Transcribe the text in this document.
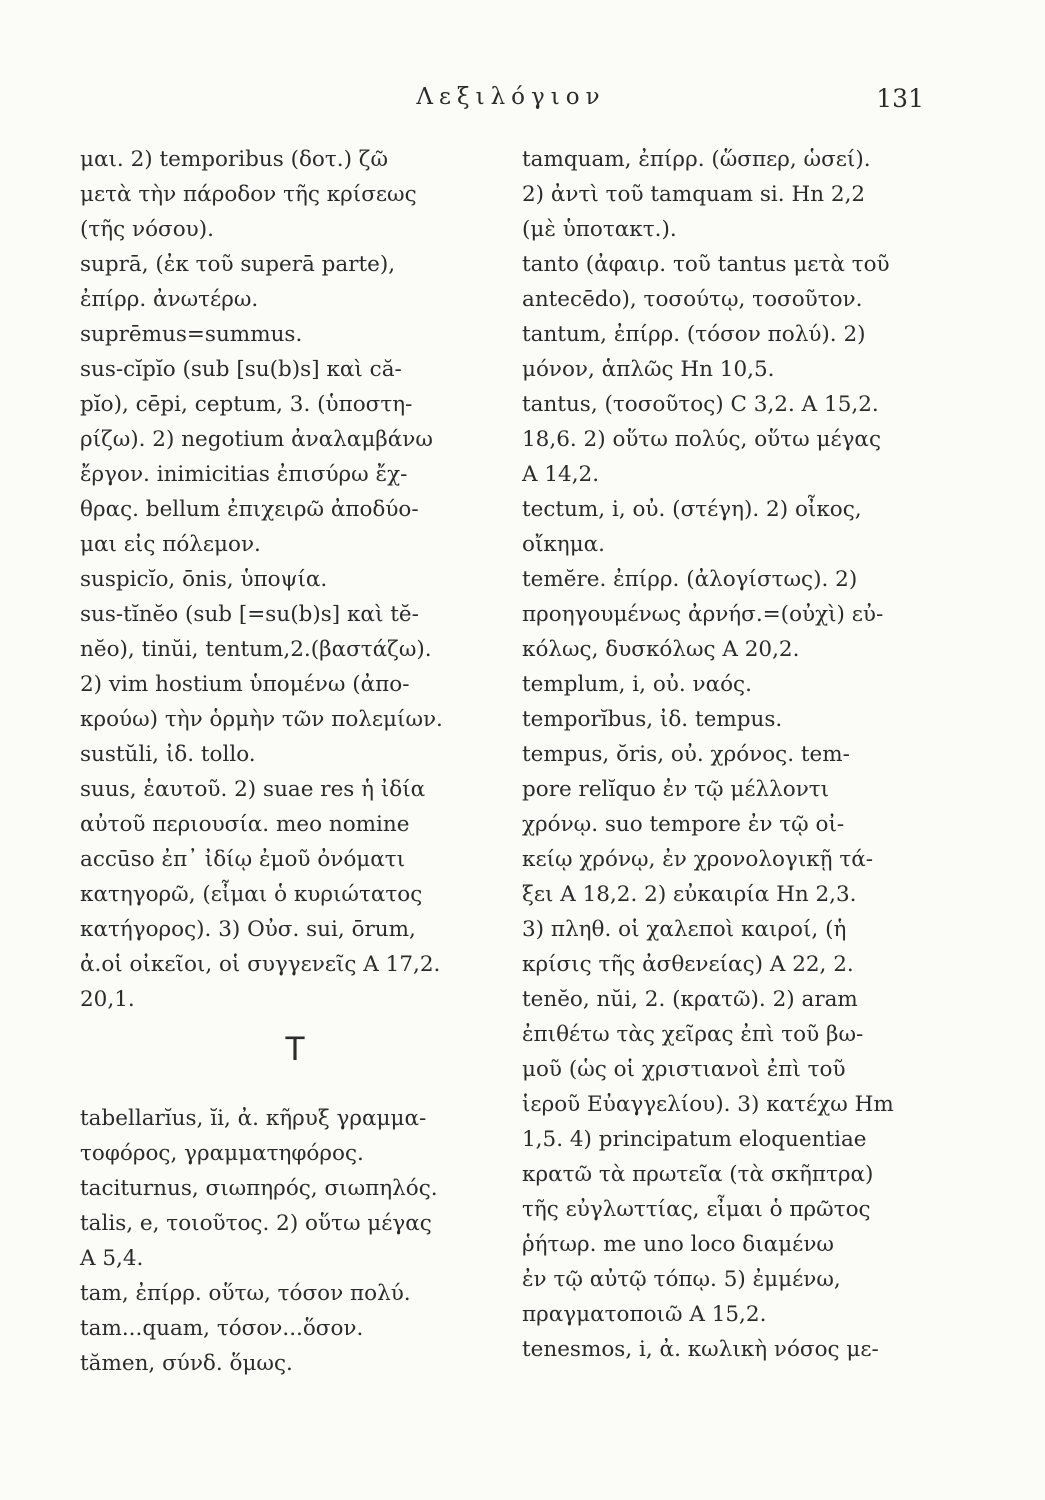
Λεξιλόγιον	131
μαι. 2) temporibus (δοτ.) ζῶ
μετὰ τὴν πάροδον τῆς κρίσεως
(τῆς νόσου).
suprā, (ἐκ τοῦ superā parte),
ἐπίρρ. ἀνωτέρω.
suprēmus=summus.
sus-cĭpĭo (sub [su(b)s] καὶ că-
pĭo), cēpi, ceptum, 3. (ὑποστη-
ρίζω). 2) negotium ἀναλαμβάνω
ἔργον. inimicitias ἐπισύρω ἔχ-
θρας. bellum ἐπιχειρῶ ἀποδύο-
μαι εἰς πόλεμον.
suspicĭo, ōnis, ὑποψία.
sus-tĭnĕo (sub [=su(b)s] καὶ tĕ-
nĕo), tinŭi, tentum,2.(βαστάζω).
2) vim hostium ὑπομένω (ἀπο-
κρούω) τὴν ὁρμὴν τῶν πολεμίων.
sustŭli, ἰδ. tollo.
suus, ἑαυτοῦ. 2) suae res ἡ ἰδία
αὐτοῦ περιουσία. meo nomine
accūso ἐπ᾽ ἰδίῳ ἐμοῦ ὀνόματι
κατηγορῶ, (εἶμαι ὁ κυριώτατος
κατήγορος). 3) Οὐσ. sui, ōrum,
ἀ.οἱ οἰκεῖοι, οἱ συγγενεῖς A 17,2.
20,1.
T
tabellarĭus, ĭi, ἀ. κῆρυξ γραμμα-
τοφόρος, γραμματηφόρος.
taciturnus, σιωπηρός, σιωπηλός.
talis, e, τοιοῦτος. 2) οὕτω μέγας
A 5,4.
tam, ἐπίρρ. οὕτω, τόσον πολύ.
tam...quam, τόσον...ὅσον.
tămen, σύνδ. ὅμως.
tamquam, ἐπίρρ. (ὥσπερ, ὡσεί).
2) ἀντὶ τοῦ tamquam si. Hn 2,2
(μὲ ὑποτακτ.).
tanto (ἀφαιρ. τοῦ tantus μετὰ τοῦ
antecēdo), τοσούτῳ, τοσοῦτον.
tantum, ἐπίρρ. (τόσον πολύ). 2)
μόνον, ἁπλῶς Hn 10,5.
tantus, (τοσοῦτος) C 3,2. A 15,2.
18,6. 2) οὕτω πολύς, οὕτω μέγας
A 14,2.
tectum, i, οὐ. (στέγη). 2) οἶκος,
οἴκημα.
temĕre. ἐπίρρ. (ἀλογίστως). 2)
προηγουμένως ἀρνήσ.=(οὐχὶ) εὐ-
κόλως, δυσκόλως A 20,2.
templum, i, οὐ. ναός.
temporĭbus, ἰδ. tempus.
tempus, ŏris, οὐ. χρόνος. tem-
pore relĭquo ἐν τῷ μέλλοντι
χρόνῳ. suo tempore ἐν τῷ οἰ-
κείῳ χρόνῳ, ἐν χρονολογικῇ τά-
ξει A 18,2. 2) εὐκαιρία Hn 2,3.
3) πληθ. οἱ χαλεποὶ καιροί, (ἡ
κρίσις τῆς ἀσθενείας) A 22, 2.
tenĕo, nŭi, 2. (κρατῶ). 2) aram
ἐπιθέτω τὰς χεῖρας ἐπὶ τοῦ βω-
μοῦ (ὡς οἱ χριστιανοὶ ἐπὶ τοῦ
ἱεροῦ Εὐαγγελίου). 3) κατέχω Hm
1,5. 4) principatum eloquentiae
κρατῶ τὰ πρωτεῖα (τὰ σκῆπτρα)
τῆς εὐγλωττίας, εἶμαι ὁ πρῶτος
ῥήτωρ. me uno loco διαμένω
ἐν τῷ αὐτῷ τόπῳ. 5) ἐμμένω,
πραγματοποιῶ A 15,2.
tenesmos, i, ἀ. κωλικὴ νόσος με-
